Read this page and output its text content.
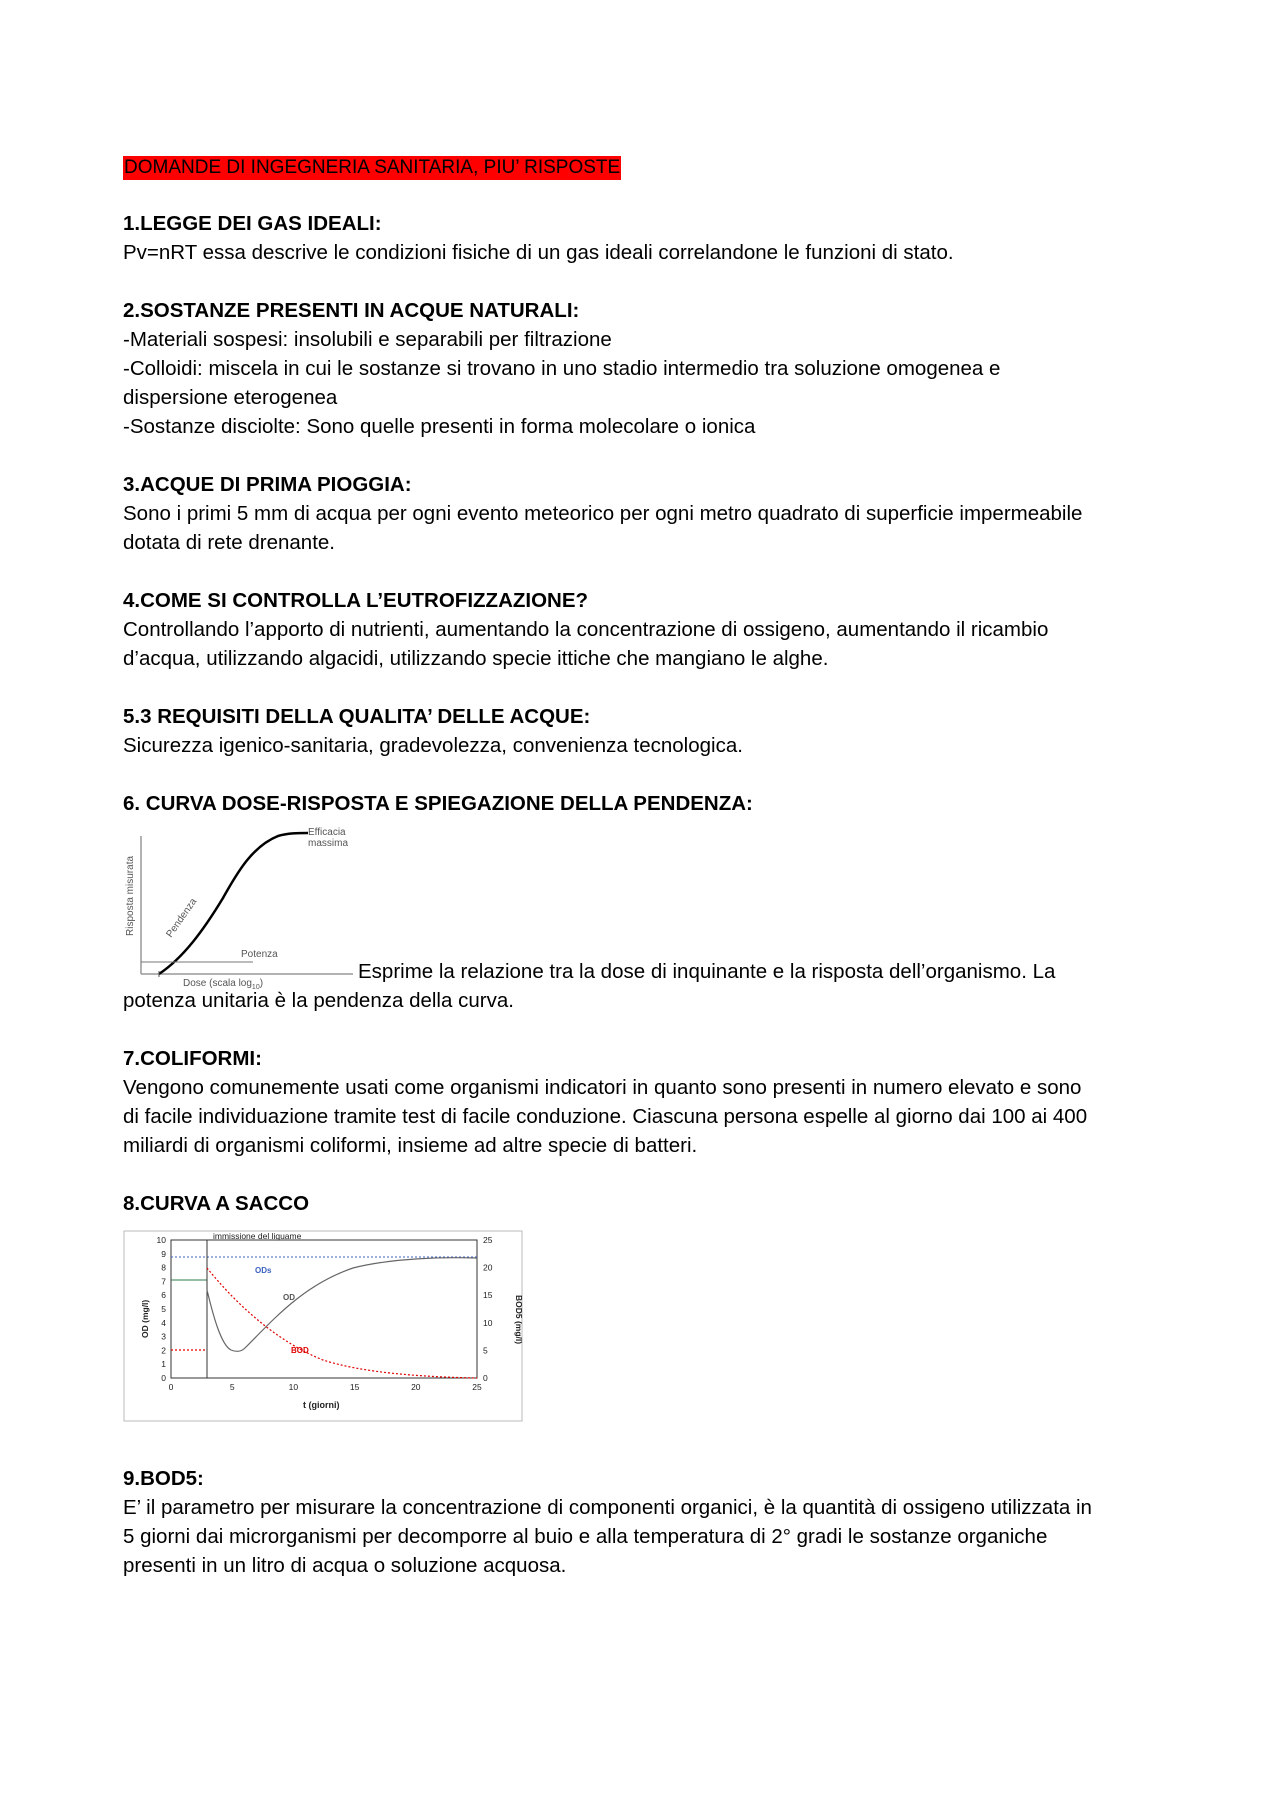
DOMANDE DI INGEGNERIA SANITARIA, PIU’ RISPOSTE
1.LEGGE DEI GAS IDEALI:
Pv=nRT essa descrive le condizioni fisiche di un gas ideali correlandone le funzioni di stato.
2.SOSTANZE PRESENTI IN ACQUE NATURALI:
-Materiali sospesi: insolubili e separabili per filtrazione
-Colloidi: miscela in cui le sostanze si trovano in uno stadio intermedio tra soluzione omogenea e
dispersione eterogenea
-Sostanze disciolte: Sono quelle presenti in forma molecolare o ionica
3.ACQUE DI PRIMA PIOGGIA:
Sono i primi 5 mm di acqua per ogni evento meteorico per ogni metro quadrato di superficie impermeabile
dotata di rete drenante.
4.COME SI CONTROLLA L’EUTROFIZZAZIONE?
Controllando l’apporto di nutrienti, aumentando la concentrazione di ossigeno, aumentando il ricambio
d’acqua, utilizzando algacidi, utilizzando specie ittiche che mangiano le alghe.
5.3 REQUISITI DELLA QUALITA’ DELLE ACQUE:
Sicurezza igenico-sanitaria, gradevolezza, convenienza tecnologica.
6. CURVA DOSE-RISPOSTA E SPIEGAZIONE DELLA PENDENZA:
Risposta misurata
Dose (scala $\log_{10}$)
Efficacia
massima
Pendenza
Potenza
Esprime la relazione tra la dose di inquinante e la risposta dell’organismo. La
potenza unitaria è la pendenza della curva.
7.COLIFORMI:
Vengono comunemente usati come organismi indicatori in quanto sono presenti in numero elevato e sono
di facile individuazione tramite test di facile conduzione. Ciascuna persona espelle al giorno dai 100 ai 400
miliardi di organismi coliformi, insieme ad altre specie di batteri.
8.CURVA A SACCO
immissione del liquame
OD (mg/l)	BOD5 (mg/l)
t (giorni)
10
9
8
7
6
5
4
3
2
1
0
25
20
15
10
5
0
0	5	10	15	20	25
ODs
OD
BOD
9.BOD5:
E’ il parametro per misurare la concentrazione di componenti organici, è la quantità di ossigeno utilizzata in
5 giorni dai microrganismi per decomporre al buio e alla temperatura di 2° gradi le sostanze organiche
presenti in un litro di acqua o soluzione acquosa.
